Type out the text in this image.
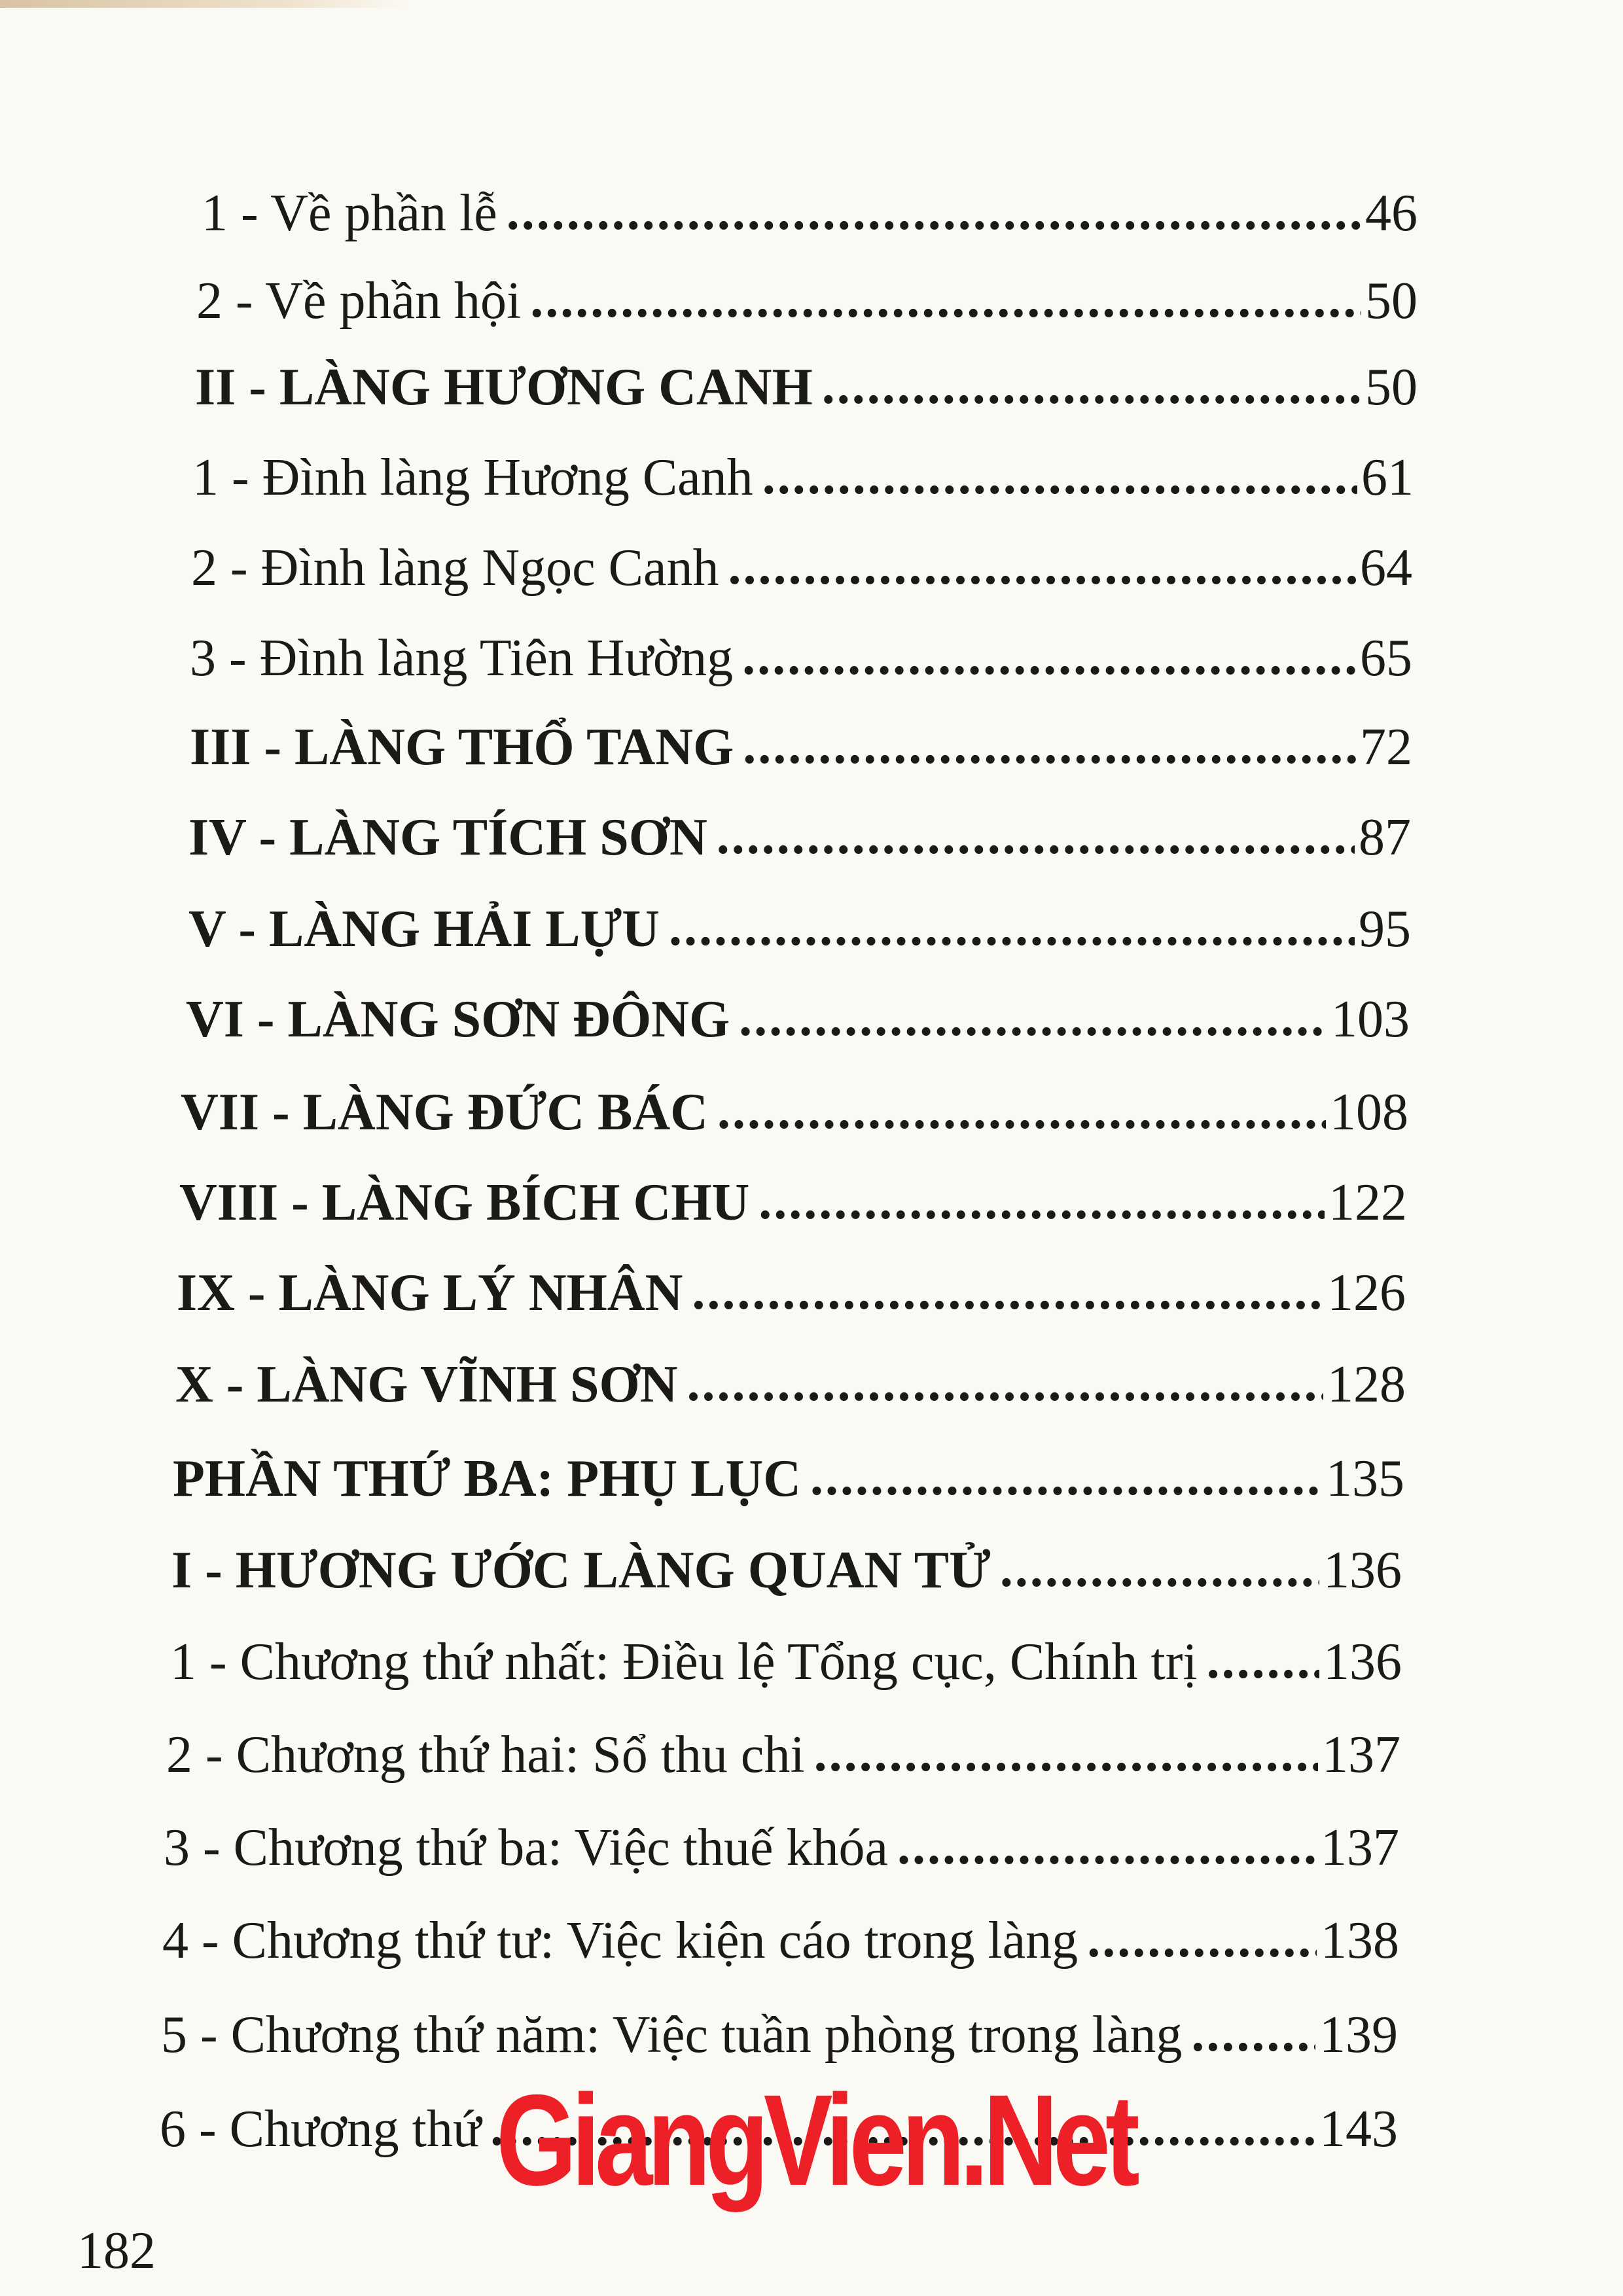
1 - Về phần lễ .....	46
2 - Về phần hội .....	50
II - LÀNG HƯƠNG CANH .....	50
1 - Đình làng Hương Canh .....	61
2 - Đình làng Ngọc Canh .....	64
3 - Đình làng Tiên Hường .....	65
III - LÀNG THỔ TANG .....	72
IV - LÀNG TÍCH SƠN .....	87
V - LÀNG HẢI LỰU .....	95
VI - LÀNG SƠN ĐÔNG .....	103
VII - LÀNG ĐỨC BÁC .....	108
VIII - LÀNG BÍCH CHU .....	122
IX - LÀNG LÝ NHÂN .....	126
X - LÀNG VĨNH SƠN .....	128
PHẦN THỨ BA: PHỤ LỤC .....	135
I - HƯƠNG ƯỚC LÀNG QUAN TỬ .....	136
1 - Chương thứ nhất: Điều lệ Tổng cục, Chính trị ..... 136
2 - Chương thứ hai: Sổ thu chi .....	137
3 - Chương thứ ba: Việc thuế khóa .....	137
4 - Chương thứ tư: Việc kiện cáo trong làng .....	138
5 - Chương thứ năm: Việc tuần phòng trong làng .....	139
6 - Chương thứ .....	143
GiangVien.Net
182
